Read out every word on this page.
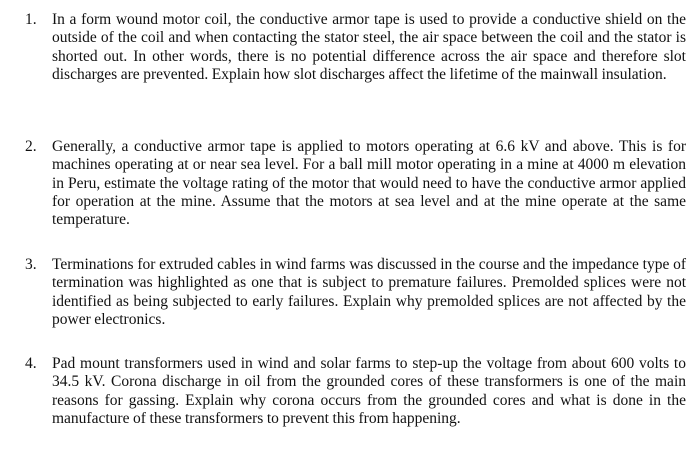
1. In a form wound motor coil, the conductive armor tape is used to provide a conductive shield on the outside of the coil and when contacting the stator steel, the air space between the coil and the stator is shorted out. In other words, there is no potential difference across the air space and therefore slot discharges are prevented. Explain how slot discharges affect the lifetime of the mainwall insulation.
2. Generally, a conductive armor tape is applied to motors operating at 6.6 kV and above. This is for machines operating at or near sea level. For a ball mill motor operating in a mine at 4000 m elevation in Peru, estimate the voltage rating of the motor that would need to have the conductive armor applied for operation at the mine. Assume that the motors at sea level and at the mine operate at the same temperature.
3. Terminations for extruded cables in wind farms was discussed in the course and the impedance type of termination was highlighted as one that is subject to premature failures. Premolded splices were not identified as being subjected to early failures. Explain why premolded splices are not affected by the power electronics.
4. Pad mount transformers used in wind and solar farms to step-up the voltage from about 600 volts to 34.5 kV. Corona discharge in oil from the grounded cores of these transformers is one of the main reasons for gassing. Explain why corona occurs from the grounded cores and what is done in the manufacture of these transformers to prevent this from happening.
